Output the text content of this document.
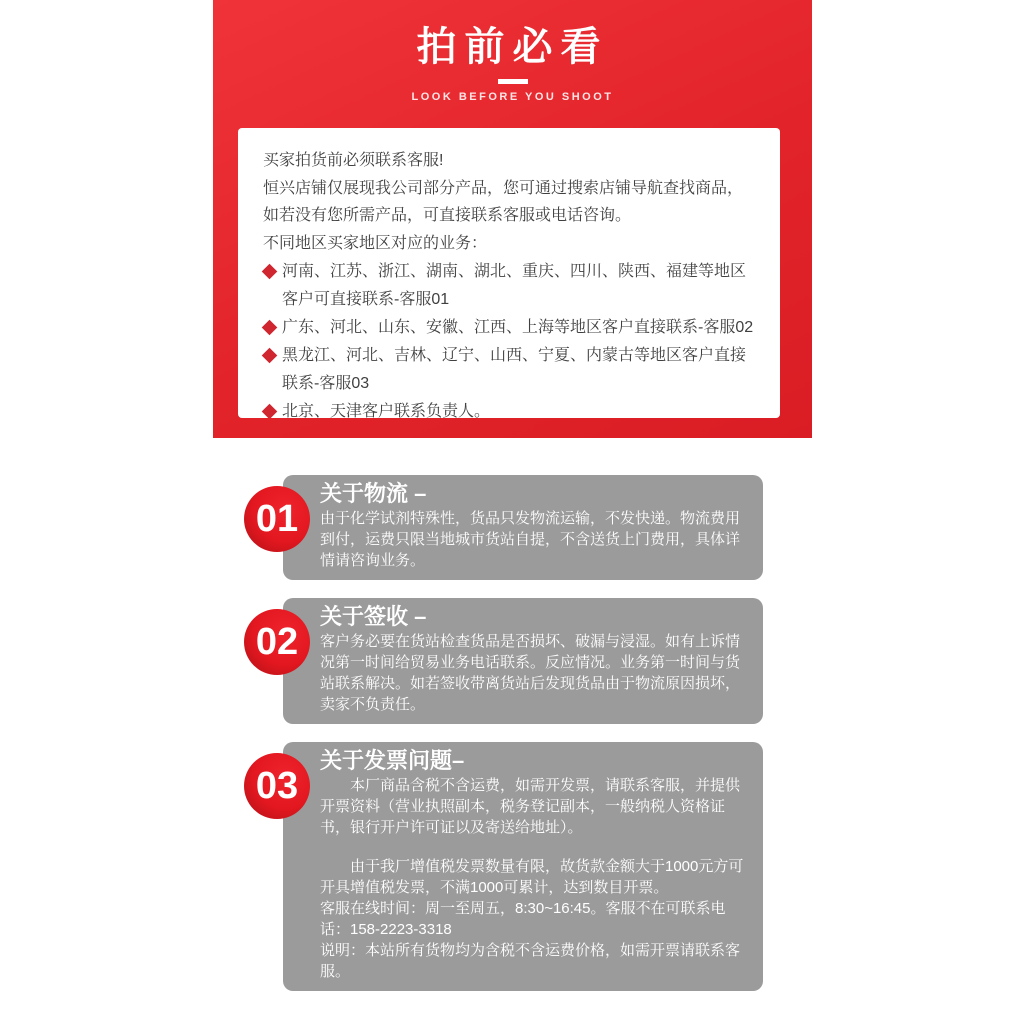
拍前必看
LOOK BEFORE YOU SHOOT

买家拍货前必须联系客服!

恒兴店铺仅展现我公司部分产品，您可通过搜索店铺导航查找商品，如若没有您所需产品，可直接联系客服或电话咨询。

不同地区买家地区对应的业务：

河南、江苏、浙江、湖南、湖北、重庆、四川、陕西、福建等地区客户可直接联系-客服01
广东、河北、山东、安徽、江西、上海等地区客户直接联系-客服02
黑龙江、河北、吉林、辽宁、山西、宁夏、内蒙古等地区客户直接联系-客服03
北京、天津客户联系负责人。
01
关于物流 –

由于化学试剂特殊性，货品只发物流运输，不发快递。物流费用到付，运费只限当地城市货站自提，不含送货上门费用，具体详情请咨询业务。

02
关于签收 –

客户务必要在货站检查货品是否损坏、破漏与浸湿。如有上诉情况第一时间给贸易业务电话联系。反应情况。业务第一时间与货站联系解决。如若签收带离货站后发现货品由于物流原因损坏，卖家不负责任。

03
关于发票问题–

本厂商品含税不含运费，如需开发票，请联系客服，并提供开票资料（营业执照副本，税务登记副本，一般纳税人资格证书，银行开户许可证以及寄送给地址）。

由于我厂增值税发票数量有限，故货款金额大于1000元方可开具增值税发票，不满1000可累计，达到数目开票。

客服在线时间：周一至周五，8:30~16:45。客服不在可联系电话：158-2223-3318

说明：本站所有货物均为含税不含运费价格，如需开票请联系客服。
